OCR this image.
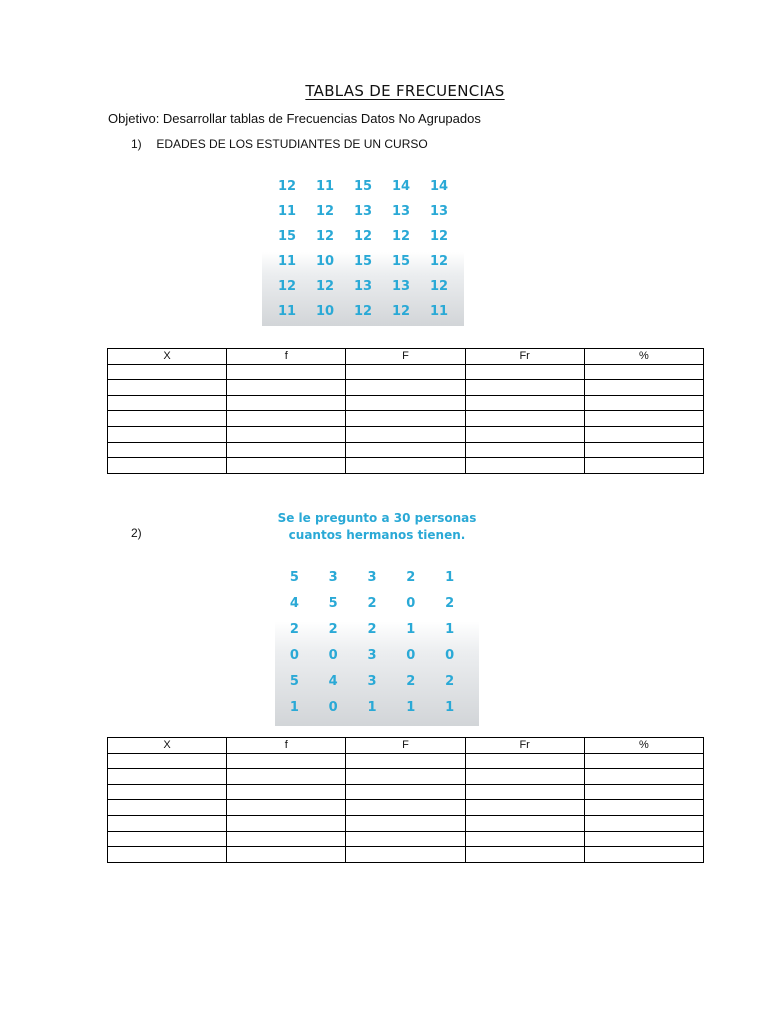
TABLAS DE FRECUENCIAS
Objetivo: Desarrollar tablas de Frecuencias Datos No Agrupados
1) EDADES DE LOS ESTUDIANTES DE UN CURSO
12	11	15	14	14
11	12	13	13	13
15	12	12	12	12
11	10	15	15	12
12	12	13	13	12
11	10	12	12	11
X	f	F	Fr	%

2)
Se le pregunto a 30 personas
cuantos hermanos tienen.
5	3	3	2	1
4	5	2	0	2
2	2	2	1	1
0	0	3	0	0
5	4	3	2	2
1	0	1	1	1
X	f	F	Fr	%
